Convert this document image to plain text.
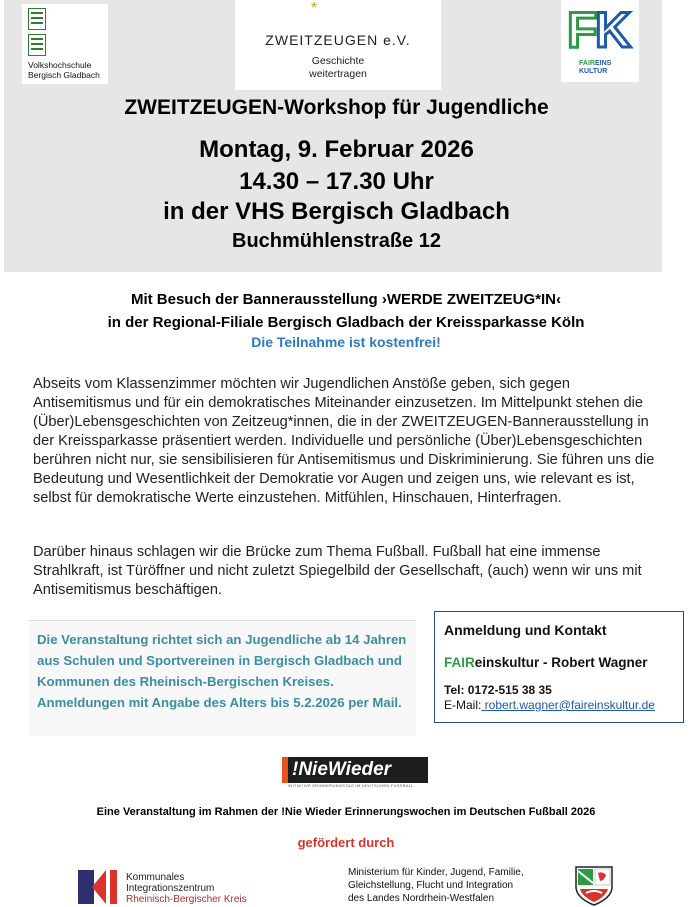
Volkshochschule
Bergisch Gladbach
*
ZWEITZEUGEN e.V.
Geschichte
weitertragen
F
K
FAIREINS
KULTUR
ZWEITZEUGEN-Workshop für Jugendliche
Montag, 9. Februar 2026
14.30 – 17.30 Uhr
in der VHS Bergisch Gladbach
Buchmühlenstraße 12
Mit Besuch der Bannerausstellung ›WERDE ZWEITZEUG*IN‹
in der Regional-Filiale Bergisch Gladbach der Kreissparkasse Köln
Die Teilnahme ist kostenfrei!
Abseits vom Klassenzimmer möchten wir Jugendlichen Anstöße geben, sich gegen Antisemitismus und für ein demokratisches Miteinander einzusetzen. Im Mittelpunkt stehen die (Über)Lebensgeschichten von Zeitzeug*innen, die in der ZWEITZEUGEN-Bannerausstellung in der Kreissparkasse präsentiert werden. Individuelle und persönliche (Über)Lebensgeschichten berühren nicht nur, sie sensibilisieren für Antisemitismus und Diskriminierung. Sie führen uns die Bedeutung und Wesentlichkeit der Demokratie vor Augen und zeigen uns, wie relevant es ist, selbst für demokratische Werte einzustehen. Mitfühlen, Hinschauen, Hinterfragen.
Darüber hinaus schlagen wir die Brücke zum Thema Fußball. Fußball hat eine immense Strahlkraft, ist Türöffner und nicht zuletzt Spiegelbild der Gesellschaft, (auch) wenn wir uns mit Antisemitismus beschäftigen.
Die Veranstaltung richtet sich an Jugendliche ab 14 Jahren aus Schulen und Sportvereinen in Bergisch Gladbach und Kommunen des Rheinisch-Bergischen Kreises. Anmeldungen mit Angabe des Alters bis 5.2.2026 per Mail.
Anmeldung und Kontakt
FAIReinskultur - Robert Wagner
Tel: 0172-515 38 35
E-Mail: robert.wagner@faireinskultur.de
!NieWieder
INITIATIVE ERINNERUNGSTAG IM DEUTSCHEN FUSSBALL
Eine Veranstaltung im Rahmen der !Nie Wieder Erinnerungswochen im Deutschen Fußball 2026
gefördert durch
Kommunales
Integrationszentrum
Rheinisch-Bergischer Kreis
Ministerium für Kinder, Jugend, Familie,
Gleichstellung, Flucht und Integration
des Landes Nordrhein-Westfalen
